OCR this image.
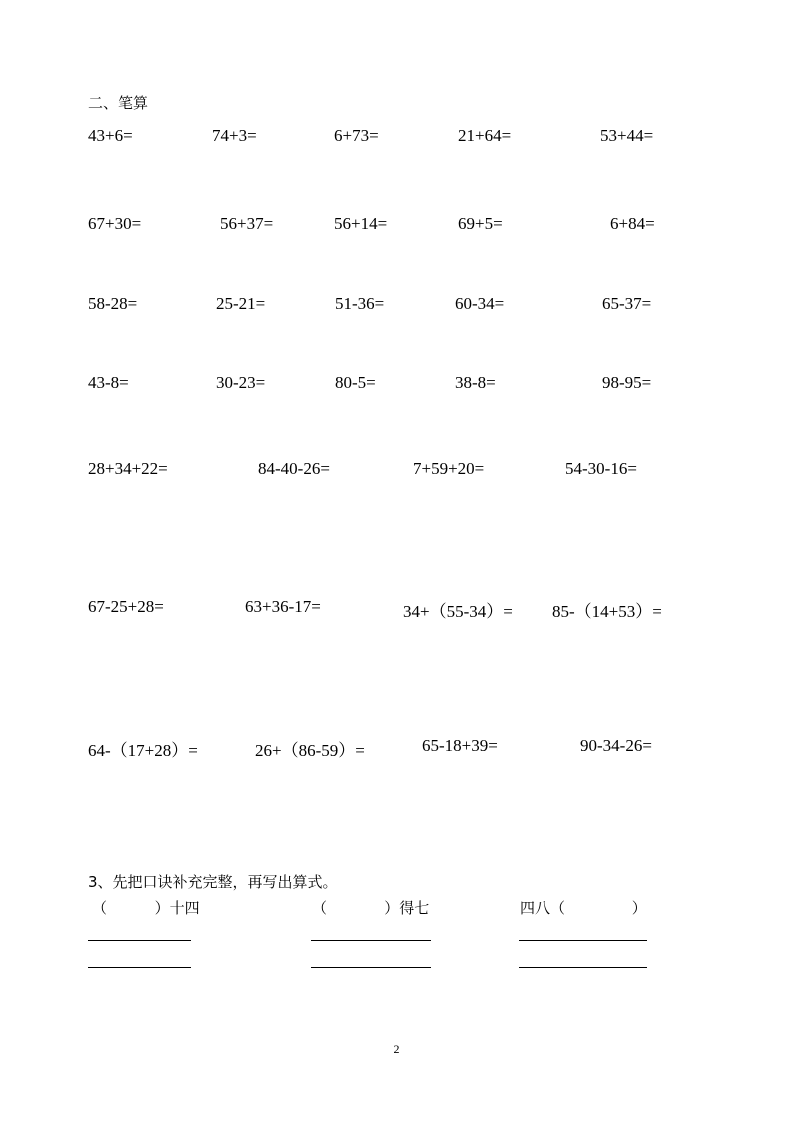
二、笔算
43+6=	74+3=	6+73=	21+64=	53+44=
67+30=	56+37=	56+14=	69+5=	6+84=
58-28=	25-21=	51-36=	60-34=	65-37=
43-8=	30-23=	80-5=	38-8=	98-95=
28+34+22=	84-40-26=	7+59+20=	54-30-16=
67-25+28=	63+36-17=	34+（55-34）= 85-（14+53）=
64-（17+28）=	26+（86-59）=	65-18+39=	90-34-26=
3、先把口诀补充完整，再写出算式。
（          ）十四	（            ）得七	四八（              ）
2
